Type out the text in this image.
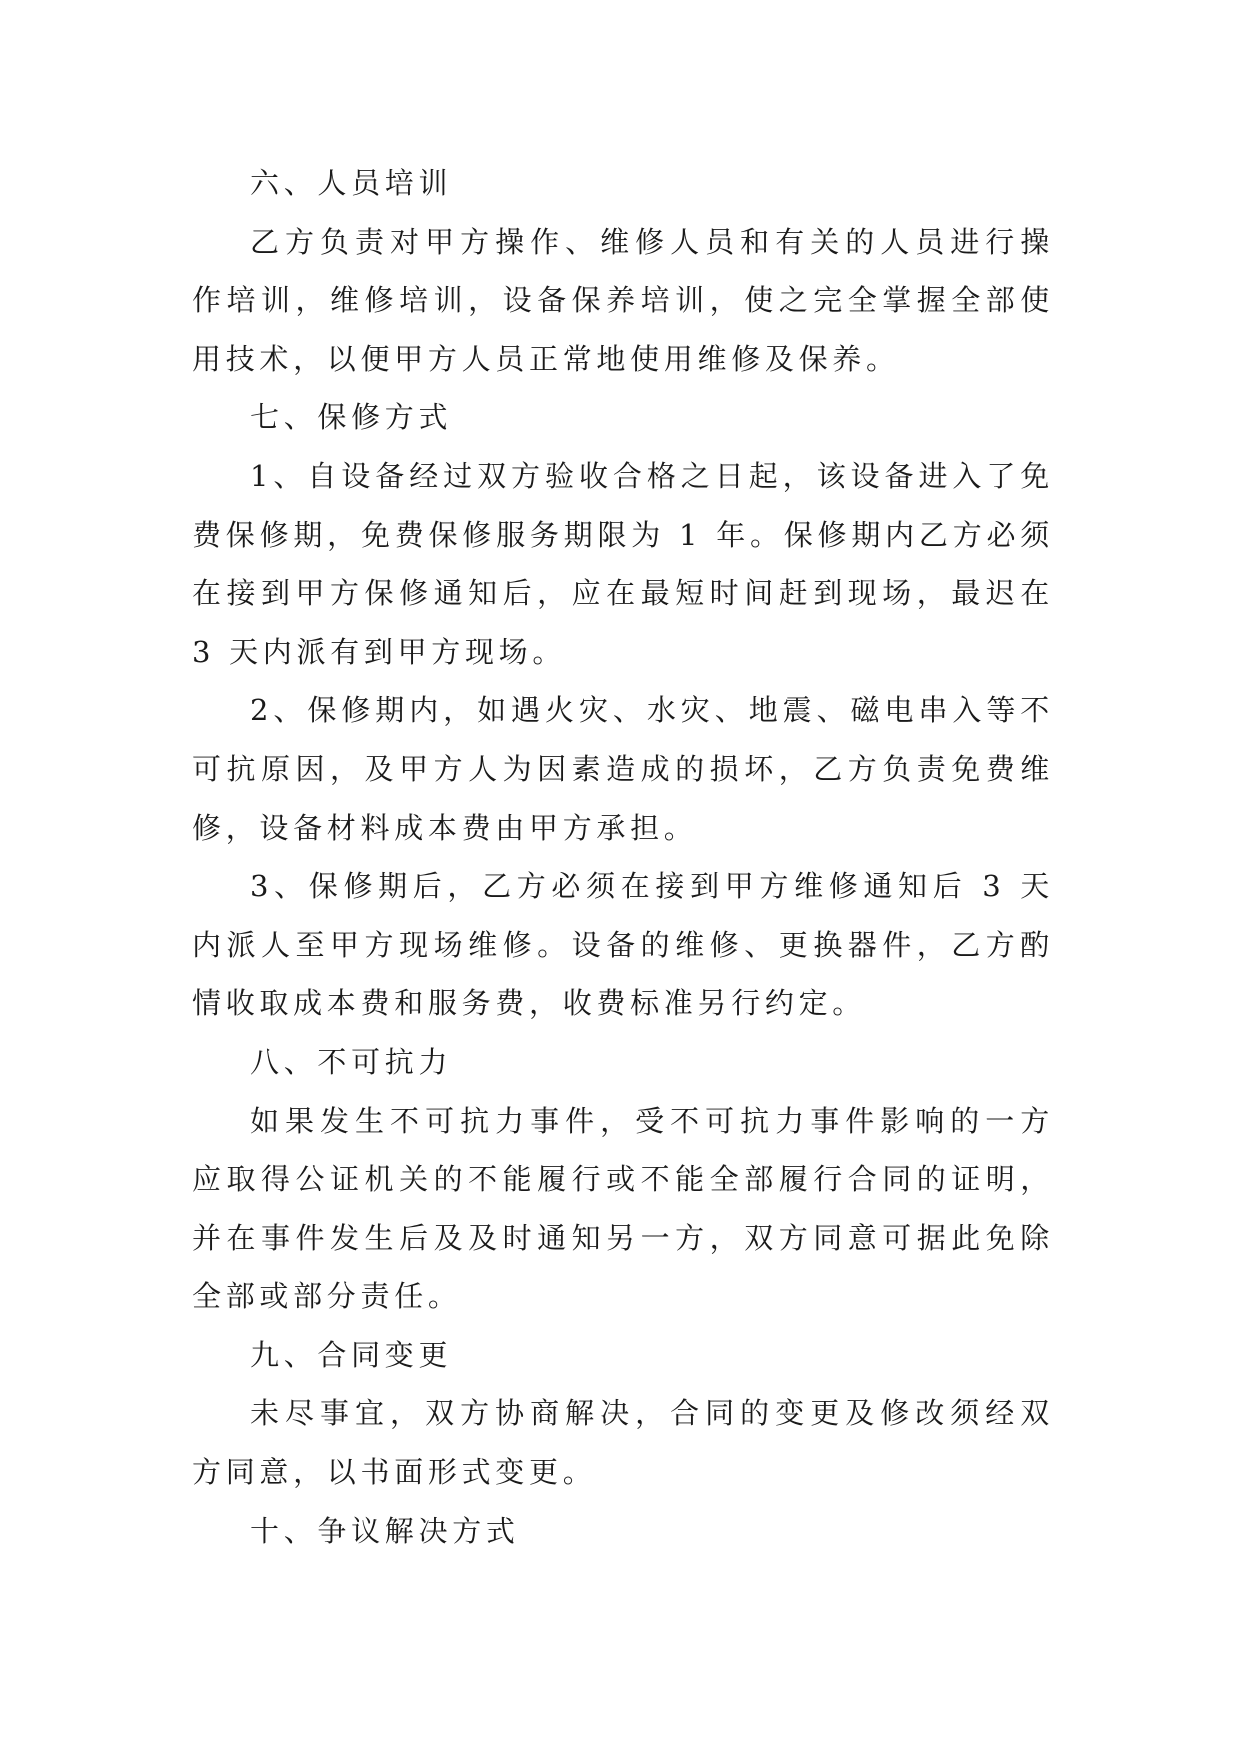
六、人员培训

乙方负责对甲方操作、维修人员和有关的人员进行操作培训，维修培训，设备保养培训，使之完全掌握全部使用技术，以便甲方人员正常地使用维修及保养。

七、保修方式

1、自设备经过双方验收合格之日起，该设备进入了免费保修期，免费保修服务期限为 1 年。保修期内乙方必须在接到甲方保修通知后，应在最短时间赶到现场，最迟在 3 天内派有到甲方现场。

2、保修期内，如遇火灾、水灾、地震、磁电串入等不可抗原因，及甲方人为因素造成的损坏，乙方负责免费维修，设备材料成本费由甲方承担。

3、保修期后，乙方必须在接到甲方维修通知后 3 天内派人至甲方现场维修。设备的维修、更换器件，乙方酌情收取成本费和服务费，收费标准另行约定。

八、不可抗力

如果发生不可抗力事件，受不可抗力事件影响的一方应取得公证机关的不能履行或不能全部履行合同的证明，并在事件发生后及及时通知另一方，双方同意可据此免除全部或部分责任。

九、合同变更

未尽事宜，双方协商解决，合同的变更及修改须经双方同意，以书面形式变更。

十、争议解决方式
